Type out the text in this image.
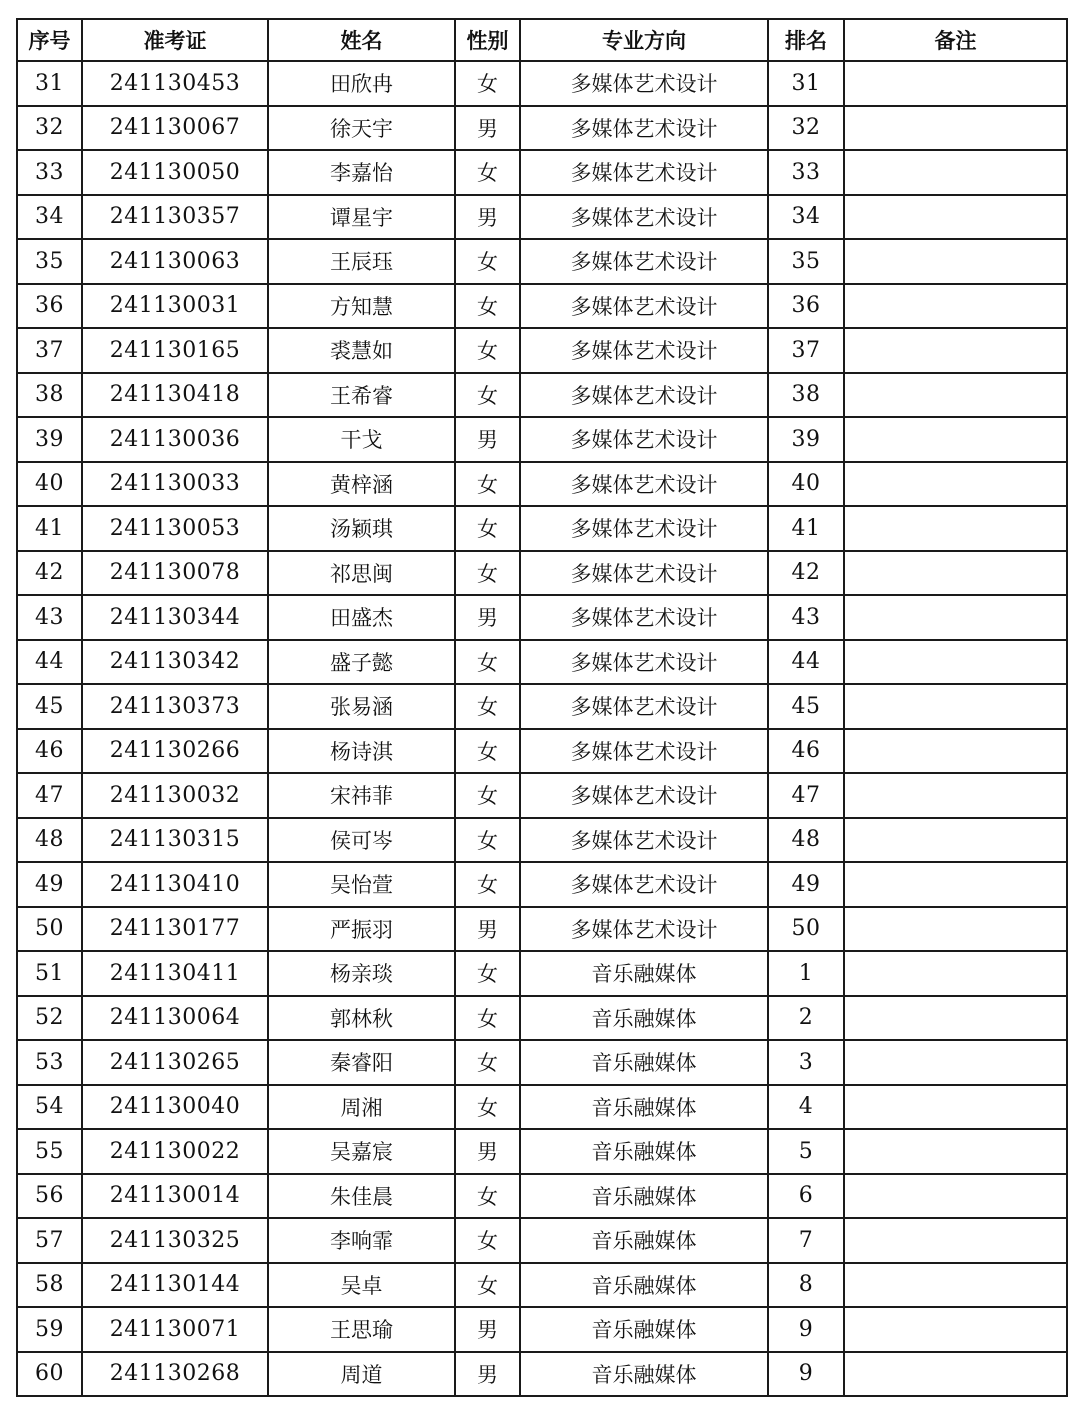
序号	准考证	姓名	性别	专业方向	排名	备注
31	241130453	田欣冉	女	多媒体艺术设计	31	
32	241130067	徐天宇	男	多媒体艺术设计	32	
33	241130050	李嘉怡	女	多媒体艺术设计	33	
34	241130357	谭星宇	男	多媒体艺术设计	34	
35	241130063	王辰珏	女	多媒体艺术设计	35	
36	241130031	方知慧	女	多媒体艺术设计	36	
37	241130165	裘慧如	女	多媒体艺术设计	37	
38	241130418	王希睿	女	多媒体艺术设计	38	
39	241130036	干戈	男	多媒体艺术设计	39	
40	241130033	黄梓涵	女	多媒体艺术设计	40	
41	241130053	汤颖琪	女	多媒体艺术设计	41	
42	241130078	祁思闽	女	多媒体艺术设计	42	
43	241130344	田盛杰	男	多媒体艺术设计	43	
44	241130342	盛子懿	女	多媒体艺术设计	44	
45	241130373	张易涵	女	多媒体艺术设计	45	
46	241130266	杨诗淇	女	多媒体艺术设计	46	
47	241130032	宋祎菲	女	多媒体艺术设计	47	
48	241130315	侯可岑	女	多媒体艺术设计	48	
49	241130410	吴怡萱	女	多媒体艺术设计	49	
50	241130177	严振羽	男	多媒体艺术设计	50	
51	241130411	杨亲琰	女	音乐融媒体	1	
52	241130064	郭林秋	女	音乐融媒体	2	
53	241130265	秦睿阳	女	音乐融媒体	3	
54	241130040	周湘	女	音乐融媒体	4	
55	241130022	吴嘉宸	男	音乐融媒体	5	
56	241130014	朱佳晨	女	音乐融媒体	6	
57	241130325	李响霏	女	音乐融媒体	7	
58	241130144	吴卓	女	音乐融媒体	8	
59	241130071	王思瑜	男	音乐融媒体	9	
60	241130268	周道	男	音乐融媒体	9	
